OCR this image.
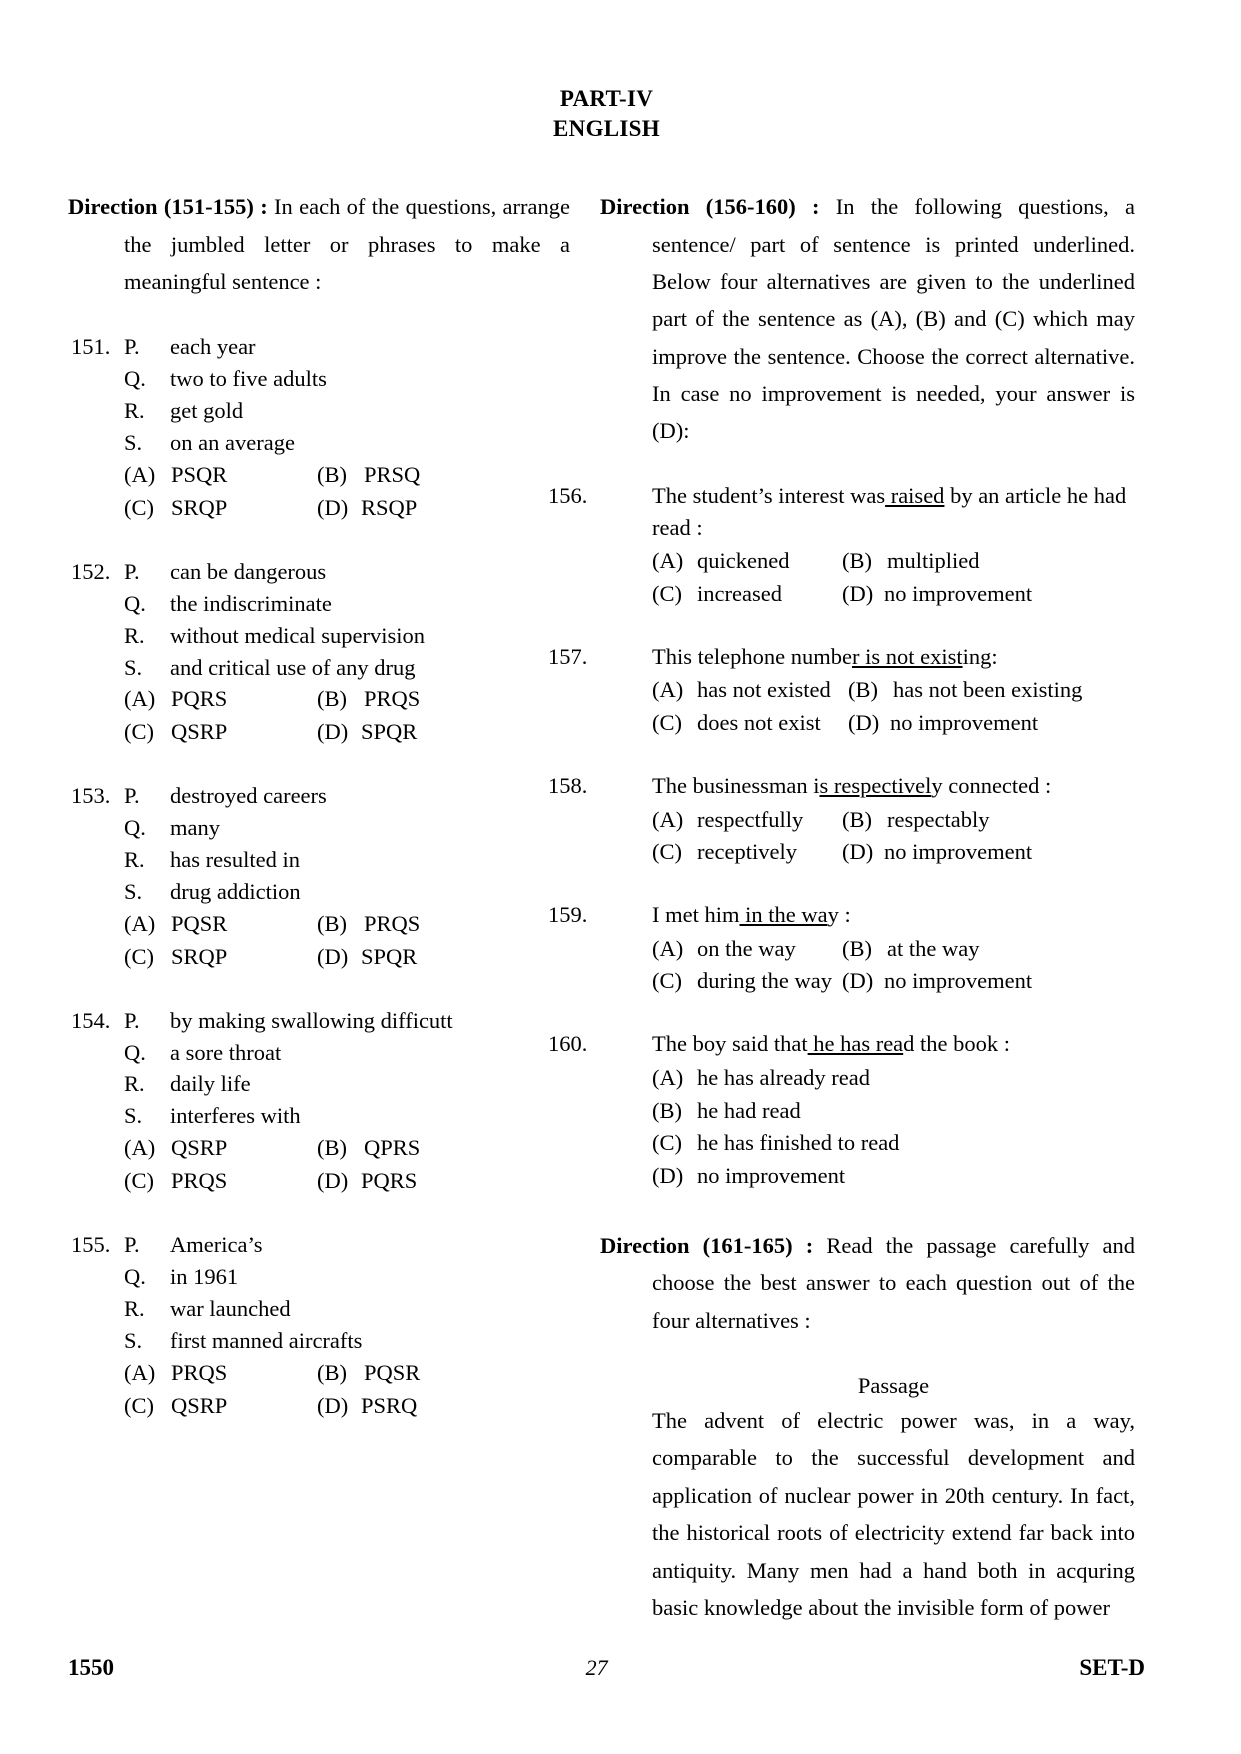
PART-IV
ENGLISH

Direction (151-155) : In each of the questions, arrange the jumbled letter or phrases to make a meaningful sentence :

151. P.	each year
Q.	two to five adults
R.	get gold
S.	on an average
(A) PSQR	(B) PRSQ
(C) SRQP	(D) RSQP
152. P.	can be dangerous
Q.	the indiscriminate
R.	without medical supervision
S.	and critical use of any drug
(A) PQRS	(B) PRQS
(C) QSRP	(D) SPQR
153. P.	destroyed careers
Q.	many
R.	has resulted in
S.	drug addiction
(A) PQSR	(B) PRQS
(C) SRQP	(D) SPQR
154. P.	by making swallowing difficutt
Q.	a sore throat
R.	daily life
S.	interferes with
(A) QSRP	(B) QPRS
(C) PRQS	(D) PQRS
155. P.	America’s
Q.	in 1961
R.	war launched
S.	first manned aircrafts
(A) PRQS	(B) PQSR
(C) QSRP	(D) PSRQ

Direction (156-160) : In the following questions, a sentence/ part of sentence is printed underlined. Below four alternatives are given to the underlined part of the sentence as (A), (B) and (C) which may improve the sentence. Choose the correct alternative. In case no improvement is needed, your answer is (D):

156.	The student’s interest was raised by an article he had read :
(A) quickened (B) multiplied
(C) increased	(D) no improvement
157.	This telephone number is not existing:
(A) has not existed (B) has not been existing
(C) does not exist (D) no improvement
158.	The businessman is respectively connected :
(A) respectfully (B) respectably
(C) receptively (D) no improvement
159.	I met him in the way :
(A) on the way (B) at the way
(C) during the way (D) no improvement
160.	The boy said that he has read the book :
(A) he has already read
(B) he had read
(C) he has finished to read
(D) no improvement

Direction (161-165) : Read the passage carefully and choose the best answer to each question out of the four alternatives :

Passage

The advent of electric power was, in a way, comparable to the successful development and application of nuclear power in 20th century. In fact, the historical roots of electricity extend far back into antiquity. Many men had a hand both in acquring basic knowledge about the invisible form of power

1550	27	SET-D
